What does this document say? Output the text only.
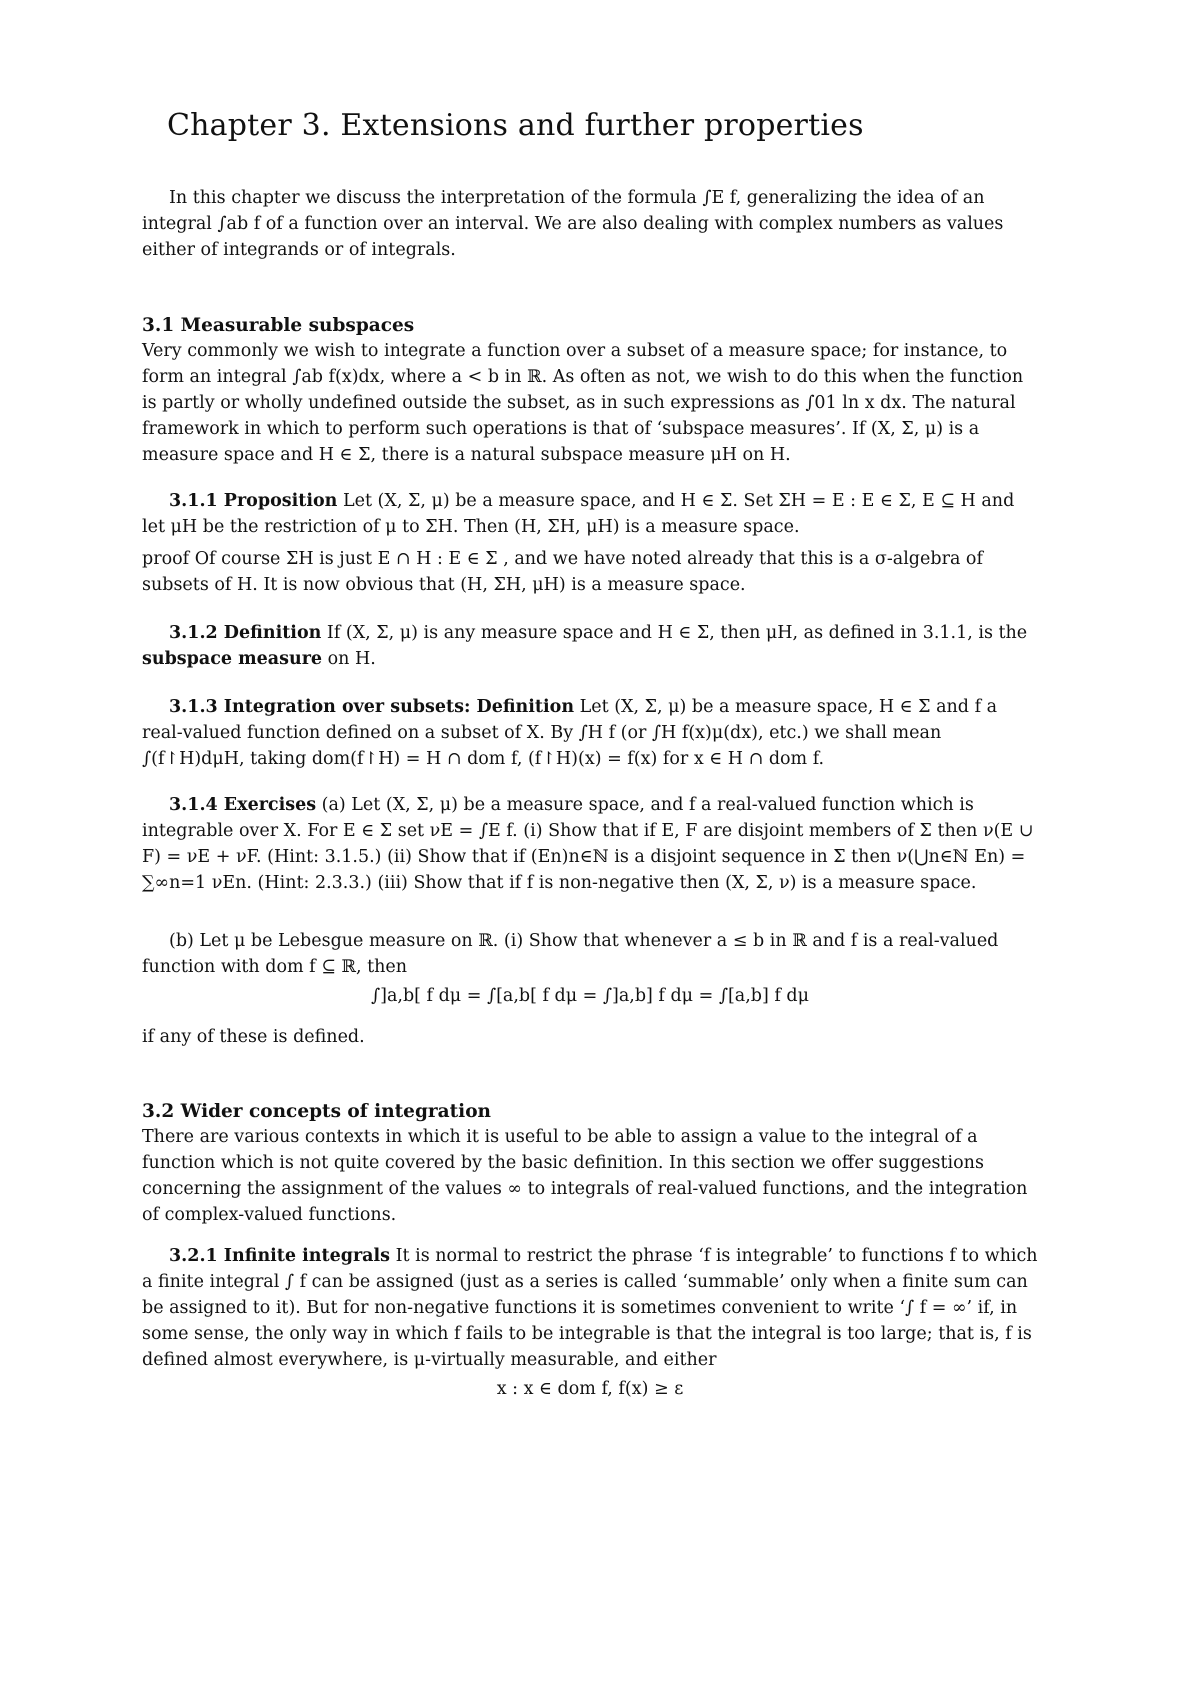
Chapter 3. Extensions and further properties

In this chapter we discuss the interpretation of the formula ∫E f, generalizing the idea of an integral ∫ab f of a function over an interval. We are also dealing with complex numbers as values either of integrands or of integrals.

3.1 Measurable subspaces

Very commonly we wish to integrate a function over a subset of a measure space; for instance, to form an integral ∫ab f(x)dx, where a < b in ℝ. As often as not, we wish to do this when the function is partly or wholly undefined outside the subset, as in such expressions as ∫01 ln x dx. The natural framework in which to perform such operations is that of ‘subspace measures’. If (X, Σ, μ) is a measure space and H ∈ Σ, there is a natural subspace measure μH on H.

3.1.1 Proposition Let (X, Σ, μ) be a measure space, and H ∈ Σ. Set ΣH = E : E ∈ Σ, E ⊆ H and let μH be the restriction of μ to ΣH. Then (H, ΣH, μH) is a measure space.

proof Of course ΣH is just E ∩ H : E ∈ Σ , and we have noted already that this is a σ-algebra of subsets of H. It is now obvious that (H, ΣH, μH) is a measure space.

3.1.2 Definition If (X, Σ, μ) is any measure space and H ∈ Σ, then μH, as defined in 3.1.1, is the subspace measure on H.

3.1.3 Integration over subsets: Definition Let (X, Σ, μ) be a measure space, H ∈ Σ and f a real-valued function defined on a subset of X. By ∫H f (or ∫H f(x)μ(dx), etc.) we shall mean ∫(f↾H)dμH, taking dom(f↾H) = H ∩ dom f, (f↾H)(x) = f(x) for x ∈ H ∩ dom f.

3.1.4 Exercises (a) Let (X, Σ, μ) be a measure space, and f a real-valued function which is integrable over X. For E ∈ Σ set νE = ∫E f. (i) Show that if E, F are disjoint members of Σ then ν(E ∪ F) = νE + νF. (Hint: 3.1.5.) (ii) Show that if (En)n∈ℕ is a disjoint sequence in Σ then ν(⋃n∈ℕ En) = ∑∞n=1 νEn. (Hint: 2.3.3.) (iii) Show that if f is non-negative then (X, Σ, ν) is a measure space.

(b) Let μ be Lebesgue measure on ℝ. (i) Show that whenever a ≤ b in ℝ and f is a real-valued function with dom f ⊆ ℝ, then

∫]a,b[ f dμ = ∫[a,b[ f dμ = ∫]a,b] f dμ = ∫[a,b] f dμ

if any of these is defined.

3.2 Wider concepts of integration

There are various contexts in which it is useful to be able to assign a value to the integral of a function which is not quite covered by the basic definition. In this section we offer suggestions concerning the assignment of the values ∞ to integrals of real-valued functions, and the integration of complex-valued functions.

3.2.1 Infinite integrals It is normal to restrict the phrase ‘f is integrable’ to functions f to which a finite integral ∫ f can be assigned (just as a series is called ‘summable’ only when a finite sum can be assigned to it). But for non-negative functions it is sometimes convenient to write ‘∫ f = ∞’ if, in some sense, the only way in which f fails to be integrable is that the integral is too large; that is, f is defined almost everywhere, is μ-virtually measurable, and either

x : x ∈ dom f, f(x) ≥ ε
